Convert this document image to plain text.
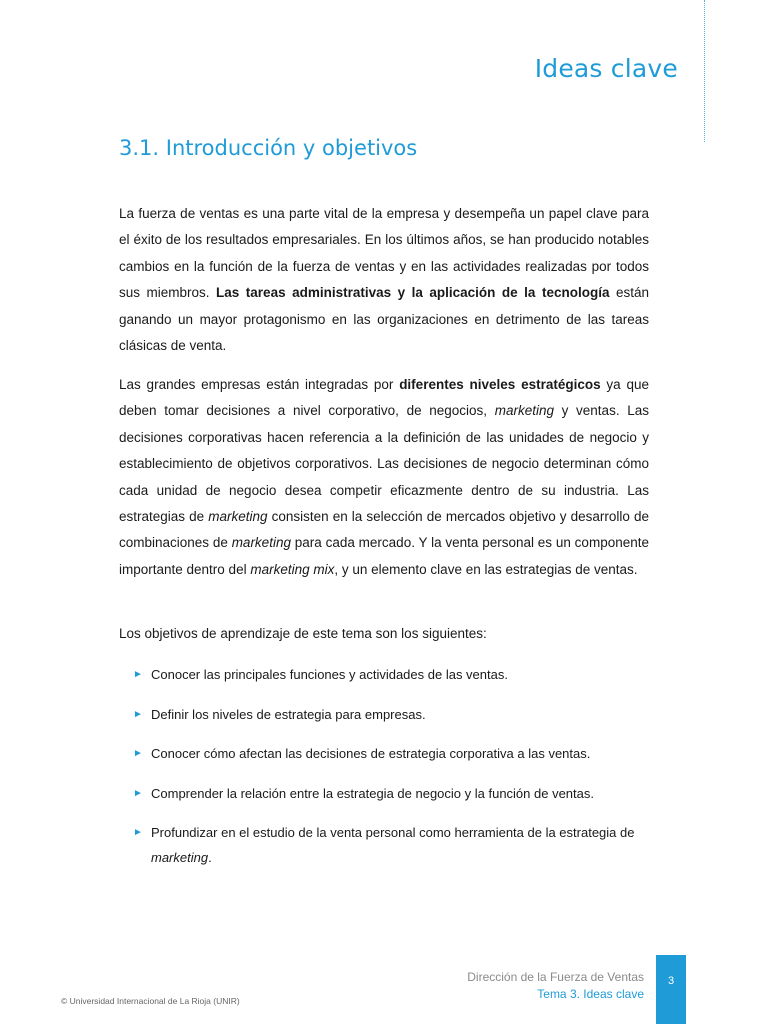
Ideas clave
3.1. Introducción y objetivos

La fuerza de ventas es una parte vital de la empresa y desempeña un papel clave para el éxito de los resultados empresariales. En los últimos años, se han producido notables cambios en la función de la fuerza de ventas y en las actividades realizadas por todos sus miembros. Las tareas administrativas y la aplicación de la tecnología están ganando un mayor protagonismo en las organizaciones en detrimento de las tareas clásicas de venta.

Las grandes empresas están integradas por diferentes niveles estratégicos ya que deben tomar decisiones a nivel corporativo, de negocios, marketing y ventas. Las decisiones corporativas hacen referencia a la definición de las unidades de negocio y establecimiento de objetivos corporativos. Las decisiones de negocio determinan cómo cada unidad de negocio desea competir eficazmente dentro de su industria. Las estrategias de marketing consisten en la selección de mercados objetivo y desarrollo de combinaciones de marketing para cada mercado. Y la venta personal es un componente importante dentro del marketing mix, y un elemento clave en las estrategias de ventas.

Los objetivos de aprendizaje de este tema son los siguientes:

► Conocer las principales funciones y actividades de las ventas.
► Definir los niveles de estrategia para empresas.
► Conocer cómo afectan las decisiones de estrategia corporativa a las ventas.
► Comprender la relación entre la estrategia de negocio y la función de ventas.
► Profundizar en el estudio de la venta personal como herramienta de la estrategia de marketing.
Dirección de la Fuerza de Ventas
Tema 3. Ideas clave
3
© Universidad Internacional de La Rioja (UNIR)
